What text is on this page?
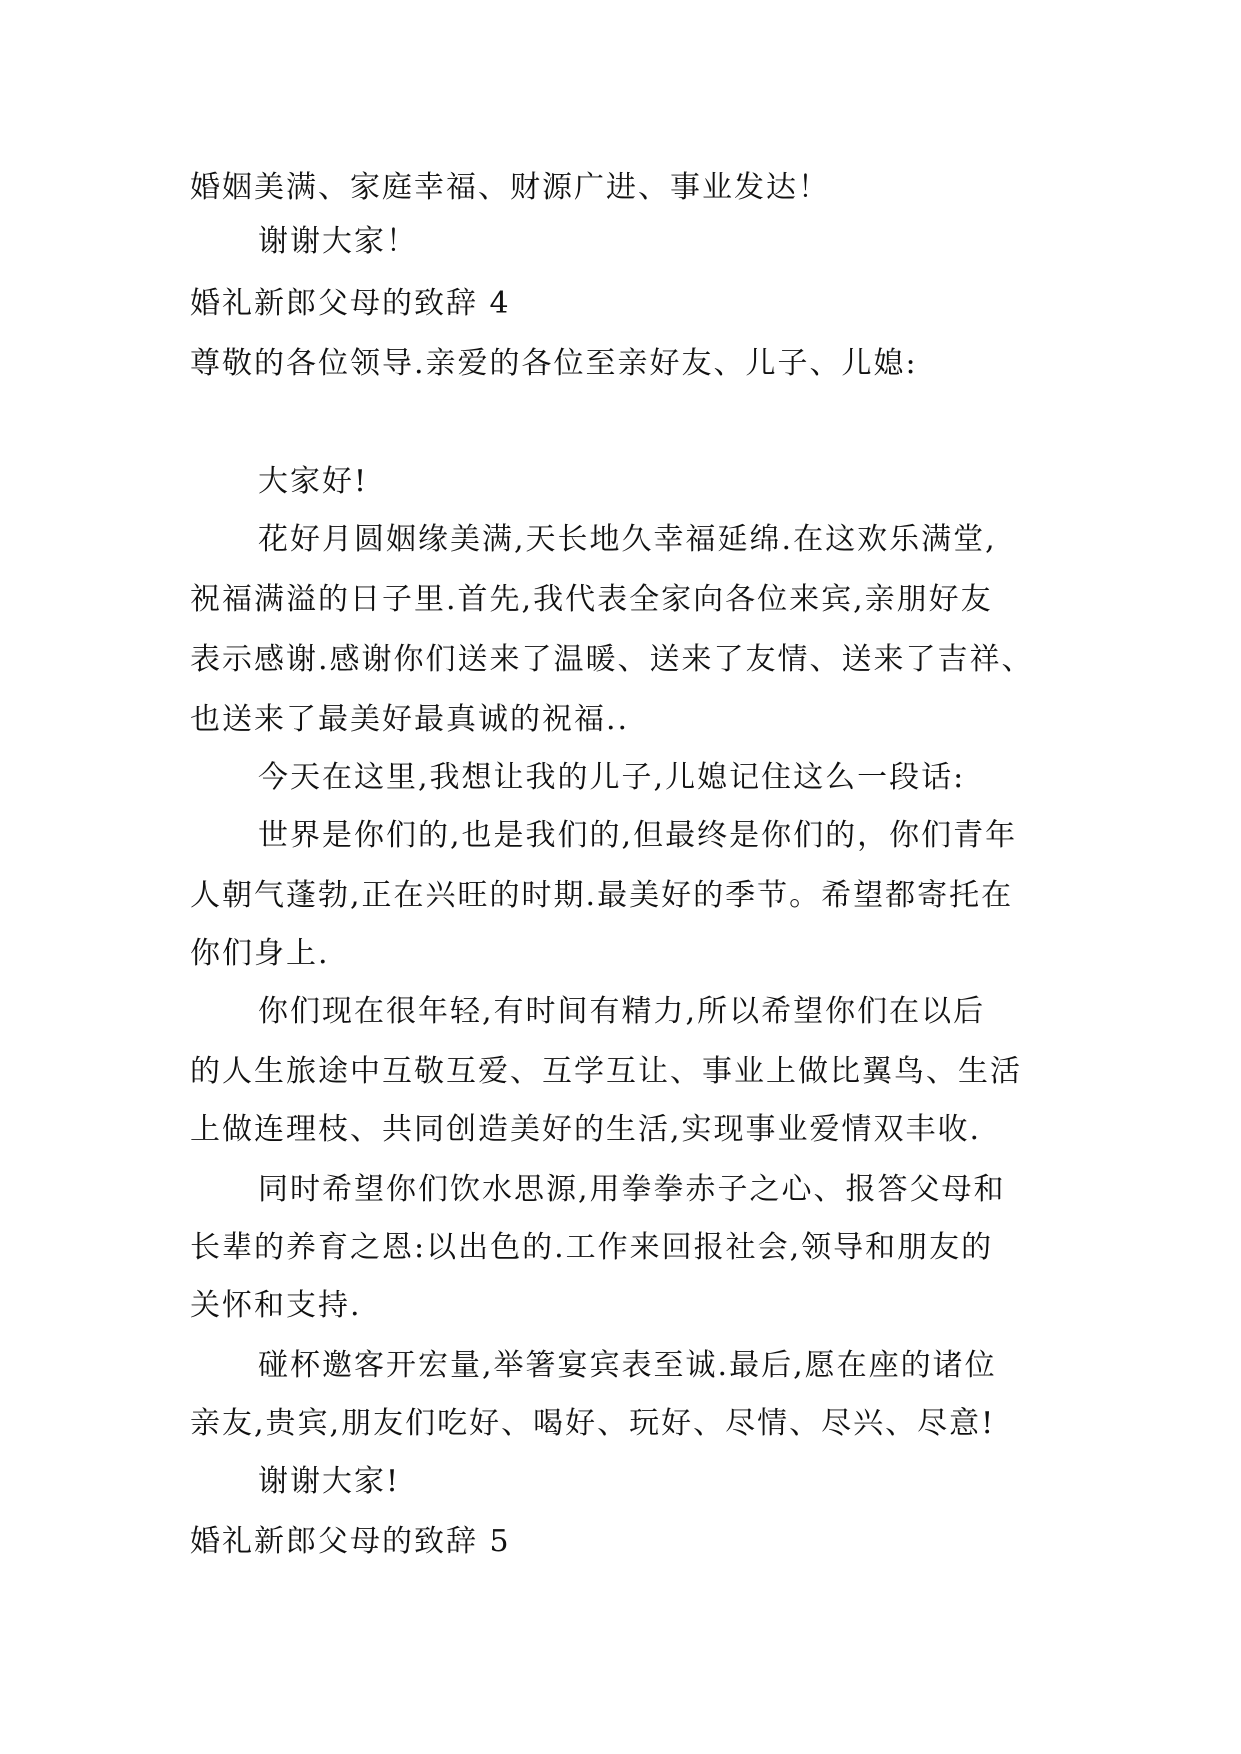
婚姻美满、家庭幸福、财源广进、事业发达！
谢谢大家！
婚礼新郎父母的致辞 4
尊敬的各位领导.亲爱的各位至亲好友、儿子、儿媳:
大家好!
花好月圆姻缘美满,天长地久幸福延绵.在这欢乐满堂,
祝福满溢的日子里.首先,我代表全家向各位来宾,亲朋好友
表示感谢.感谢你们送来了温暖、送来了友情、送来了吉祥、
也送来了最美好最真诚的祝福..
今天在这里,我想让我的儿子,儿媳记住这么一段话:
世界是你们的,也是我们的,但最终是你们的，你们青年
人朝气蓬勃,正在兴旺的时期.最美好的季节。希望都寄托在
你们身上.
你们现在很年轻,有时间有精力,所以希望你们在以后
的人生旅途中互敬互爱、互学互让、事业上做比翼鸟、生活
上做连理枝、共同创造美好的生活,实现事业爱情双丰收.
同时希望你们饮水思源,用拳拳赤子之心、报答父母和
长辈的养育之恩:以出色的.工作来回报社会,领导和朋友的
关怀和支持.
碰杯邀客开宏量,举箸宴宾表至诚.最后,愿在座的诸位
亲友,贵宾,朋友们吃好、喝好、玩好、尽情、尽兴、尽意!
谢谢大家!
婚礼新郎父母的致辞 5
